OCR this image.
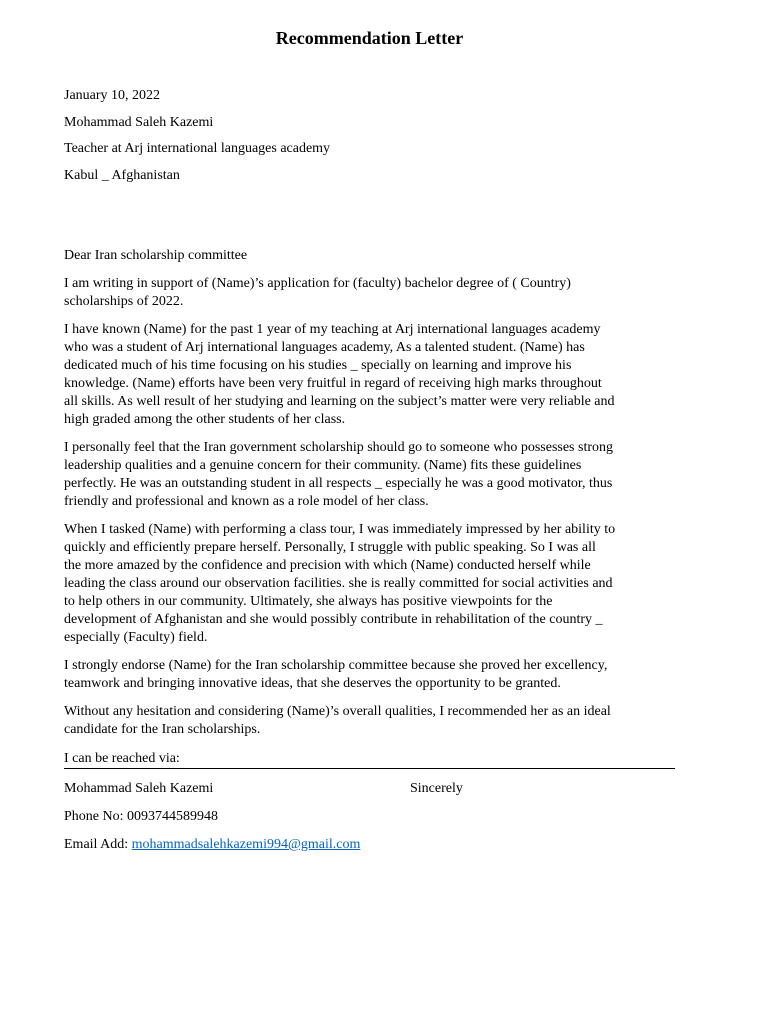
Recommendation Letter
January 10, 2022
Mohammad Saleh Kazemi
Teacher at Arj international languages academy
Kabul _ Afghanistan
Dear Iran scholarship committee
I am writing in support of (Name)’s application for (faculty) bachelor degree of ( Country)
scholarships of 2022.
I have known (Name) for the past 1 year of my teaching at Arj international languages academy
who was a student of Arj international languages academy, As a talented student. (Name) has
dedicated much of his time focusing on his studies _ specially on learning and improve his
knowledge. (Name) efforts have been very fruitful in regard of receiving high marks throughout
all skills. As well result of her studying and learning on the subject’s matter were very reliable and
high graded among the other students of her class.
I personally feel that the Iran government scholarship should go to someone who possesses strong
leadership qualities and a genuine concern for their community. (Name) fits these guidelines
perfectly. He was an outstanding student in all respects _ especially he was a good motivator, thus
friendly and professional and known as a role model of her class.
When I tasked (Name) with performing a class tour, I was immediately impressed by her ability to
quickly and efficiently prepare herself. Personally, I struggle with public speaking. So I was all
the more amazed by the confidence and precision with which (Name) conducted herself while
leading the class around our observation facilities. she is really committed for social activities and
to help others in our community. Ultimately, she always has positive viewpoints for the
development of Afghanistan and she would possibly contribute in rehabilitation of the country _
especially (Faculty) field.
I strongly endorse (Name) for the Iran scholarship committee because she proved her excellency,
teamwork and bringing innovative ideas, that she deserves the opportunity to be granted.
Without any hesitation and considering (Name)’s overall qualities, I recommended her as an ideal
candidate for the Iran scholarships.
I can be reached via:
Mohammad Saleh Kazemi	Sincerely
Phone No: 0093744589948
Email Add: mohammadsalehkazemi994@gmail.com
